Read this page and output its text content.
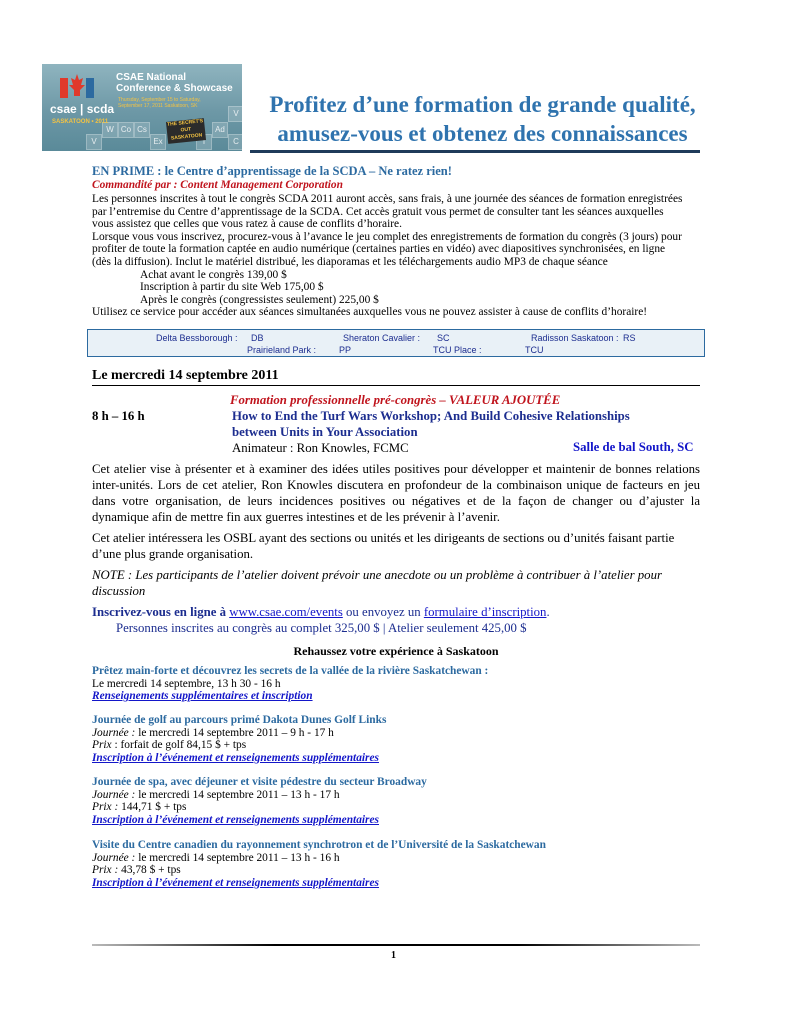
W Co Cs	Ad
V
C
V	Ex	I
CSAE National Conference & Showcase
Thursday, September 15 to Saturday, September 17, 2011 Saskatoon, SK
csae | scda
SASKATOON • 2011	THE SECRET'S OUT SASKATOON
Profitez d’une formation de grande qualité,
amusez-vous et obtenez des connaissances
EN PRIME : le Centre d’apprentissage de la SCDA – Ne ratez rien!
Commandité par : Content Management Corporation
Les personnes inscrites à tout le congrès SCDA 2011 auront accès, sans frais, à une journée des séances de formation enregistrées
par l’entremise du Centre d’apprentissage de la SCDA. Cet accès gratuit vous permet de consulter tant les séances auxquelles
vous assistez que celles que vous ratez à cause de conflits d’horaire.
Lorsque vous vous inscrivez, procurez-vous à l’avance le jeu complet des enregistrements de formation du congrès (3 jours) pour
profiter de toute la formation captée en audio numérique (certaines parties en vidéo) avec diapositives synchronisées, en ligne
(dès la diffusion). Inclut le matériel distribué, les diaporamas et les téléchargements audio MP3 de chaque séance
Achat avant le congrès 139,00 $
Inscription à partir du site Web 175,00 $
Après le congrès (congressistes seulement) 225,00 $
Utilisez ce service pour accéder aux séances simultanées auxquelles vous ne pouvez assister à cause de conflits d’horaire!
Delta Bessborough : DB	Sheraton Cavalier : SC	Radisson Saskatoon : RS
Prairieland Park :	PP	TCU Place :	TCU
Le mercredi 14 septembre 2011
Formation professionnelle pré-congrès – VALEUR AJOUTÉE
8 h – 16 h	How to End the Turf Wars Workshop; And Build Cohesive Relationships
between Units in Your Association
Animateur : Ron Knowles, FCMC	Salle de bal South, SC
Cet atelier vise à présenter et à examiner des idées utiles positives pour développer et maintenir de bonnes relations
inter-unités. Lors de cet atelier, Ron Knowles discutera en profondeur de la combinaison unique de facteurs en jeu
dans votre organisation, de leurs incidences positives ou négatives et de la façon de changer ou d’ajuster la
dynamique afin de mettre fin aux guerres intestines et de les prévenir à l’avenir.
Cet atelier intéressera les OSBL ayant des sections ou unités et les dirigeants de sections ou d’unités faisant partie
d’une plus grande organisation.
NOTE : Les participants de l’atelier doivent prévoir une anecdote ou un problème à contribuer à l’atelier pour
discussion
Inscrivez-vous en ligne à www.csae.com/events ou envoyez un formulaire d’inscription.
Personnes inscrites au congrès au complet 325,00 $ | Atelier seulement 425,00 $
Rehaussez votre expérience à Saskatoon
Prêtez main-forte et découvrez les secrets de la vallée de la rivière Saskatchewan :
Le mercredi 14 septembre, 13 h 30 - 16 h
Renseignements supplémentaires et inscription
Journée de golf au parcours primé Dakota Dunes Golf Links
Journée : le mercredi 14 septembre 2011 – 9 h - 17 h
Prix : forfait de golf 84,15 $ + tps
Inscription à l’événement et renseignements supplémentaires
Journée de spa, avec déjeuner et visite pédestre du secteur Broadway
Journée : le mercredi 14 septembre 2011 – 13 h - 17 h
Prix : 144,71 $ + tps
Inscription à l’événement et renseignements supplémentaires
Visite du Centre canadien du rayonnement synchrotron et de l’Université de la Saskatchewan
Journée : le mercredi 14 septembre 2011 – 13 h - 16 h
Prix : 43,78 $ + tps
Inscription à l’événement et renseignements supplémentaires
1
